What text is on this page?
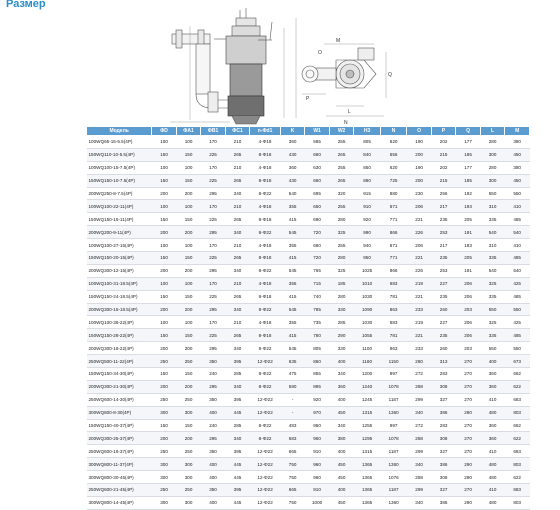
Размер
M
Q
L
N
P
O
Модель	ΦD	ΦA1	ΦB1	ΦC1	n-Φd1	K	W1	W2	H3	N	O	P	Q	L	M
100WQ65-15-5.5(4P)	100	100	170	210	4-Φ18	360	585	255	805	620	190	202	177	280	380
150WQ110-10-5.5(4P)	150	150	225	265	8-Φ18	430	660	265	840	656	200	215	185	300	450
100WQ100-15-7.5(4P)	100	100	170	210	4-Φ18	360	630	255	850	620	190	202	177	280	380
150WQ150-10-7.5(4P)	150	150	225	265	8-Φ18	430	660	265	880	725	200	215	185	300	450
200WQ250-8-7.5(4P)	200	200	295	340	8-Φ22	540	695	320	915	880	230	256	192	550	550
100WQ100-22-11(4P)	100	100	170	210	4-Φ18	355	650	255	910	671	206	217	193	310	410
150WQ150-15-11(4P)	150	150	225	265	8-Φ18	415	690	280	920	771	221	235	205	335	485
200WQ200-9-11(4P)	200	200	295	340	8-Φ22	545	720	325	990	866	226	253	191	540	540
100WQ100-27-15(4P)	100	100	170	210	4-Φ18	355	680	255	940	671	206	217	193	310	410
150WQ150-20-15(4P)	150	150	225	265	8-Φ18	415	720	280	950	771	221	235	205	335	485
200WQ300-12-15(4P)	200	200	295	340	8-Φ22	545	765	325	1025	866	226	253	191	540	540
100WQ100-31-18.5(4P)	100	100	170	210	4-Φ18	355	715	185	1010	683	219	227	206	325	425
150WQ150-24-18.5(4P)	150	150	225	265	8-Φ18	415	740	280	1030	781	221	235	206	335	485
200WQ300-15-18.5(4P)	200	200	295	340	8-Φ22	545	785	330	1090	863	233	260	203	550	550
100WQ100-36-22(4P)	100	100	170	210	4-Φ18	355	735	285	1030	683	219	227	206	325	425
150WQ150-28-22(4P)	150	150	225	265	8-Φ18	415	760	290	1055	781	221	235	206	335	485
200WQ300-18-22(4P)	200	200	295	340	8-Φ22	545	805	330	1100	863	233	260	203	550	550
250WQ500-11-22(4P)	250	250	350	395	12-Φ22	635	860	400	1160	1150	280	313	270	400	673
150WQ150-34-30(4P)	150	150	240	285	8-Φ22	475	855	340	1200	997	272	283	270	360	662
200WQ300-21-30(4P)	200	200	295	340	8-Φ22	580	895	360	1240	1078	288	308	270	360	622
250WQ600-14-30(4P)	250	250	350	395	12-Φ22	-	920	400	1245	1187	299	327	270	410	683
300WQ800-8-30(4P)	300	300	400	445	12-Φ22	-	970	450	1315	1360	340	386	290	480	803
150WQ150-40-37(4P)	150	150	240	285	8-Φ22	483	950	340	1255	997	272	283	270	360	662
200WQ300-25-37(4P)	200	200	295	340	8-Φ22	583	960	380	1295	1078	288	308	270	360	622
250WQ600-16-37(4P)	250	250	350	395	12-Φ22	665	910	400	1315	1187	299	327	270	410	683
300WQ800-11-37(4P)	300	300	400	445	12-Φ22	750	960	450	1365	1360	340	386	290	480	803
300WQ800-30-45(4P)	300	300	400	445	12-Φ22	750	960	450	1365	1076	288	308	290	480	622
250WQ600-21-45(4P)	250	250	350	395	12-Φ22	665	910	400	1365	1187	299	327	270	410	683
300WQ800-14-45(4P)	300	300	400	445	12-Φ22	750	1000	450	1365	1360	340	386	290	480	803
